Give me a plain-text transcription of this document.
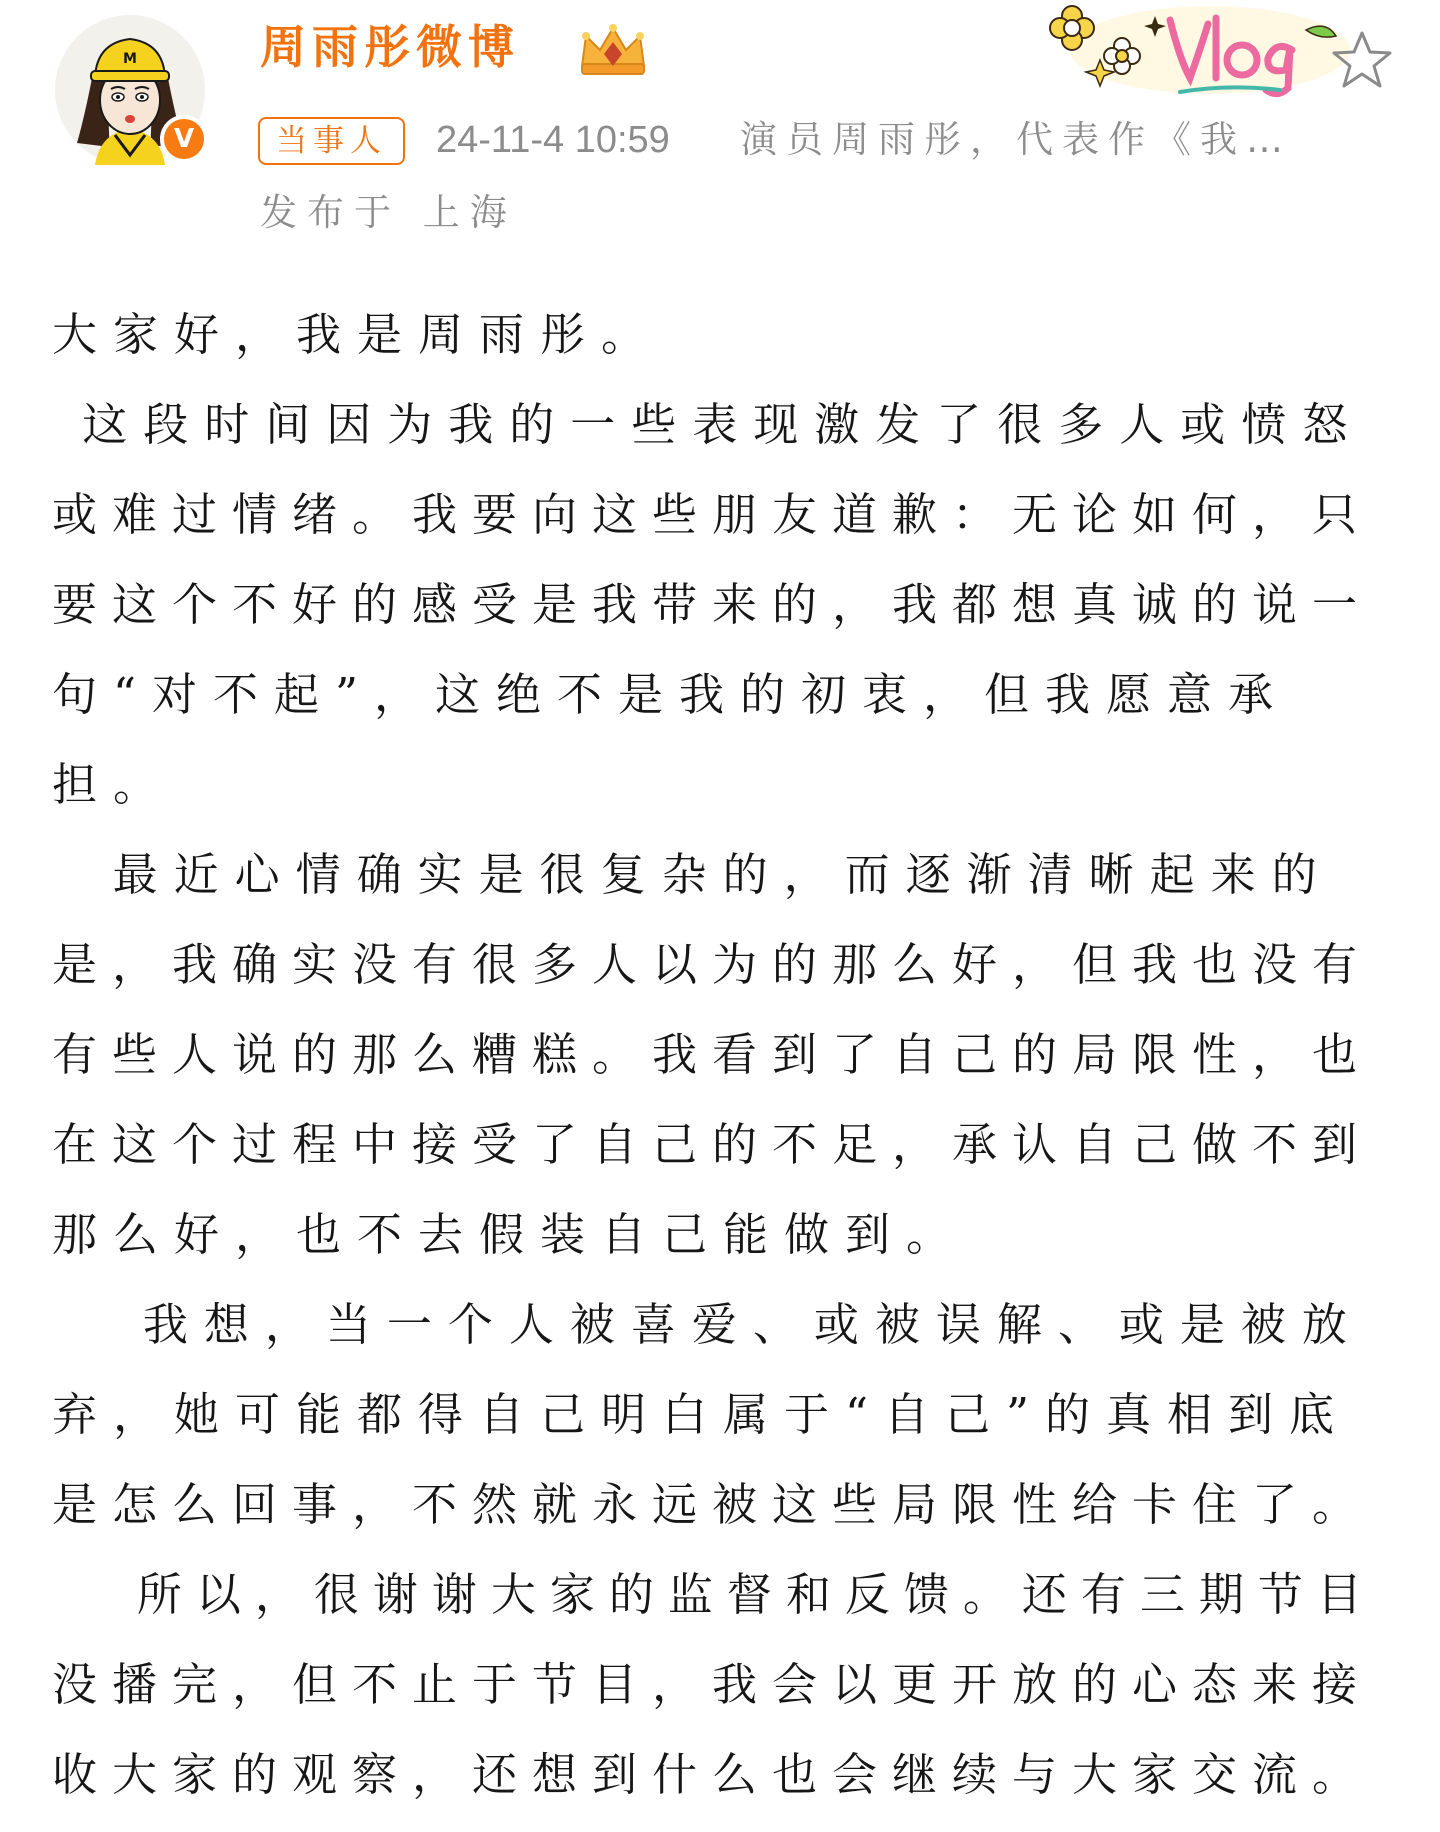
M
V
周雨彤微博
当事人	24-11-4 10:59 演员周雨彤，代表作《我…
发布于 上海
大家好，我是周雨彤。
这段时间因为我的一些表现激发了很多人或愤怒
或难过情绪。我要向这些朋友道歉：无论如何，只
要这个不好的感受是我带来的，我都想真诚的说一
句“对不起”，这绝不是我的初衷，但我愿意承
担。
最近心情确实是很复杂的，而逐渐清晰起来的
是，我确实没有很多人以为的那么好，但我也没有
有些人说的那么糟糕。我看到了自己的局限性，也
在这个过程中接受了自己的不足，承认自己做不到
那么好，也不去假装自己能做到。
我想，当一个人被喜爱、或被误解、或是被放
弃，她可能都得自己明白属于“自己”的真相到底
是怎么回事，不然就永远被这些局限性给卡住了。
所以，很谢谢大家的监督和反馈。还有三期节目
没播完，但不止于节目，我会以更开放的心态来接
收大家的观察，还想到什么也会继续与大家交流。
